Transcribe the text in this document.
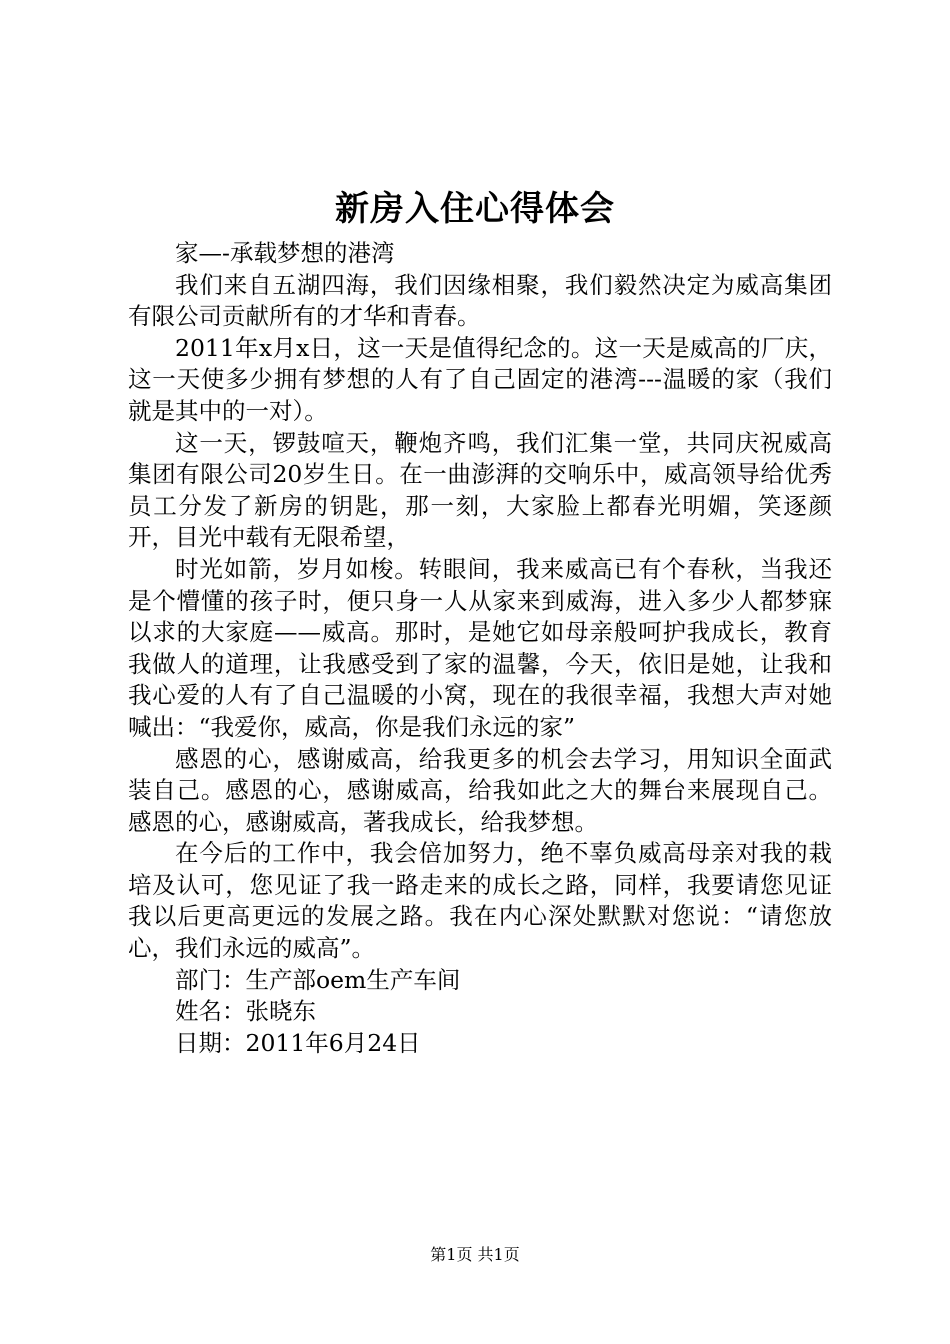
新房入住心得体会

家—-承载梦想的港湾

我们来自五湖四海，我们因缘相聚，我们毅然决定为威高集团有限公司贡献所有的才华和青春。

2011年x月x日，这一天是值得纪念的。这一天是威高的厂庆，这一天使多少拥有梦想的人有了自己固定的港湾---温暖的家（我们就是其中的一对）。

这一天，锣鼓喧天，鞭炮齐鸣，我们汇集一堂，共同庆祝威高集团有限公司20岁生日。在一曲澎湃的交响乐中，威高领导给优秀员工分发了新房的钥匙，那一刻，大家脸上都春光明媚，笑逐颜开，目光中载有无限希望，

时光如箭，岁月如梭。转眼间，我来威高已有个春秋，当我还是个懵懂的孩子时，便只身一人从家来到威海，进入多少人都梦寐以求的大家庭——威高。那时，是她它如母亲般呵护我成长，教育我做人的道理，让我感受到了家的温馨，今天，依旧是她，让我和我心爱的人有了自己温暖的小窝，现在的我很幸福，我想大声对她喊出：“我爱你，威高，你是我们永远的家”

感恩的心，感谢威高，给我更多的机会去学习，用知识全面武装自己。感恩的心，感谢威高，给我如此之大的舞台来展现自己。感恩的心，感谢威高，著我成长，给我梦想。

在今后的工作中，我会倍加努力，绝不辜负威高母亲对我的栽培及认可，您见证了我一路走来的成长之路，同样，我要请您见证我以后更高更远的发展之路。我在内心深处默默对您说：“请您放心，我们永远的威高”。

部门：生产部oem生产车间

姓名：张晓东

日期：2011年6月24日

第1页 共1页
